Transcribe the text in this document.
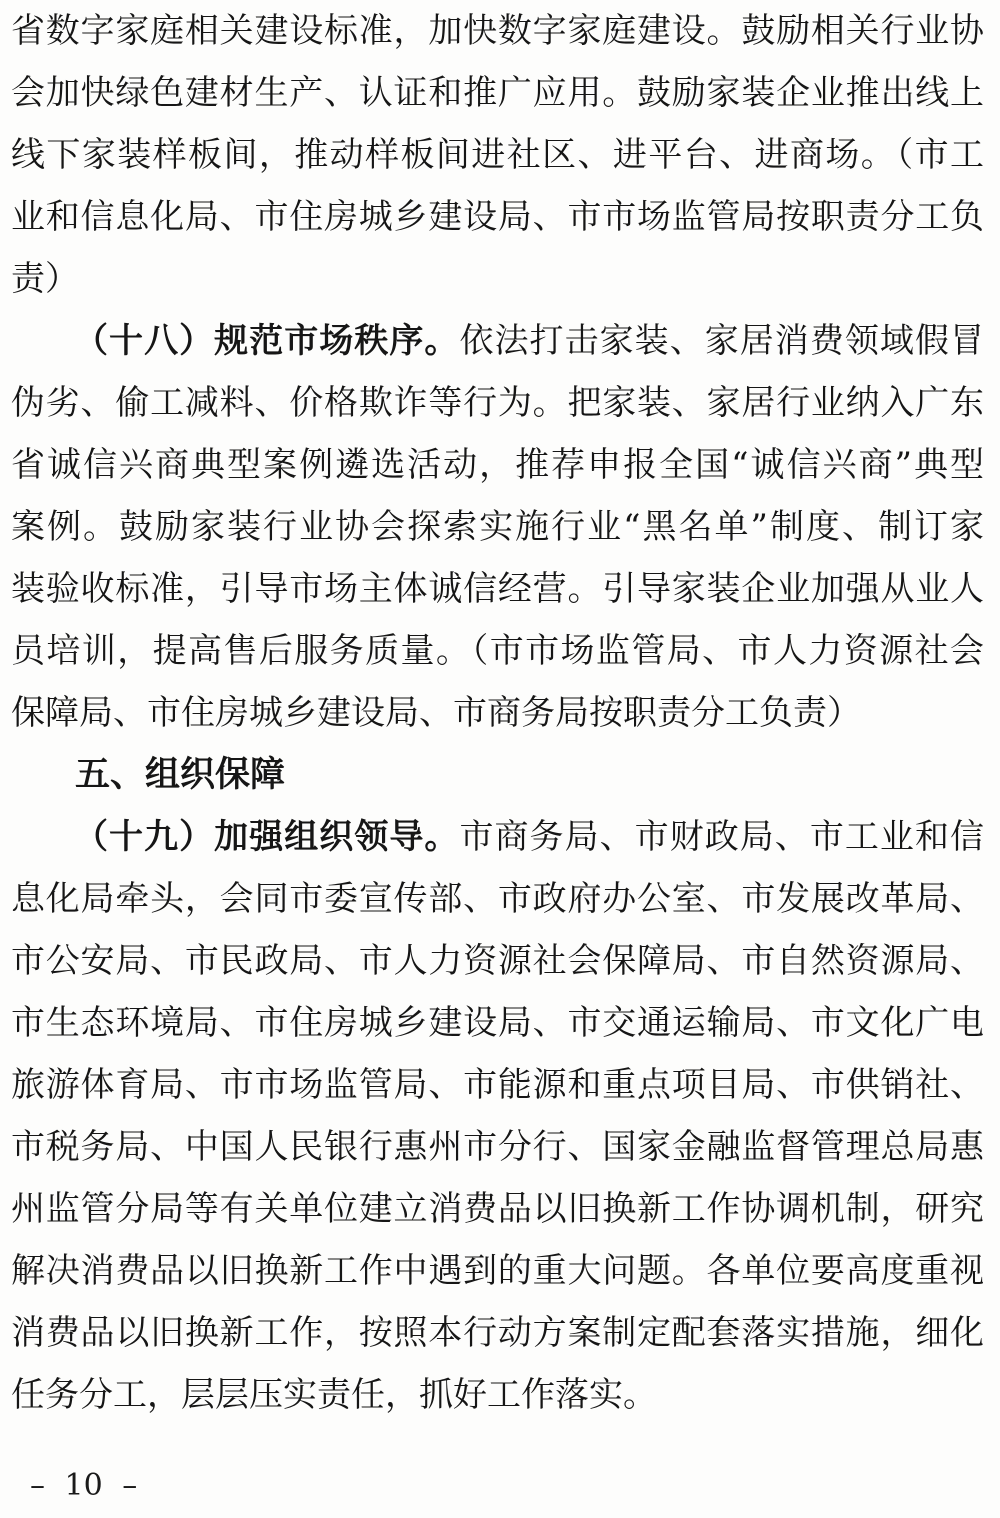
省数字家庭相关建设标准，加快数字家庭建设。鼓励相关行业协
会加快绿色建材生产、认证和推广应用。鼓励家装企业推出线上
线下家装样板间，推动样板间进社区、进平台、进商场。（市工
业和信息化局、市住房城乡建设局、市市场监管局按职责分工负
责）
（十八）规范市场秩序。依法打击家装、家居消费领域假冒
伪劣、偷工减料、价格欺诈等行为。把家装、家居行业纳入广东
省诚信兴商典型案例遴选活动，推荐申报全国“诚信兴商”典型
案例。鼓励家装行业协会探索实施行业“黑名单”制度、制订家
装验收标准，引导市场主体诚信经营。引导家装企业加强从业人
员培训，提高售后服务质量。（市市场监管局、市人力资源社会
保障局、市住房城乡建设局、市商务局按职责分工负责）
五、组织保障
（十九）加强组织领导。市商务局、市财政局、市工业和信
息化局牵头，会同市委宣传部、市政府办公室、市发展改革局、
市公安局、市民政局、市人力资源社会保障局、市自然资源局、
市生态环境局、市住房城乡建设局、市交通运输局、市文化广电
旅游体育局、市市场监管局、市能源和重点项目局、市供销社、
市税务局、中国人民银行惠州市分行、国家金融监督管理总局惠
州监管分局等有关单位建立消费品以旧换新工作协调机制，研究
解决消费品以旧换新工作中遇到的重大问题。各单位要高度重视
消费品以旧换新工作，按照本行动方案制定配套落实措施，细化
任务分工，层层压实责任，抓好工作落实。
– 10 –
